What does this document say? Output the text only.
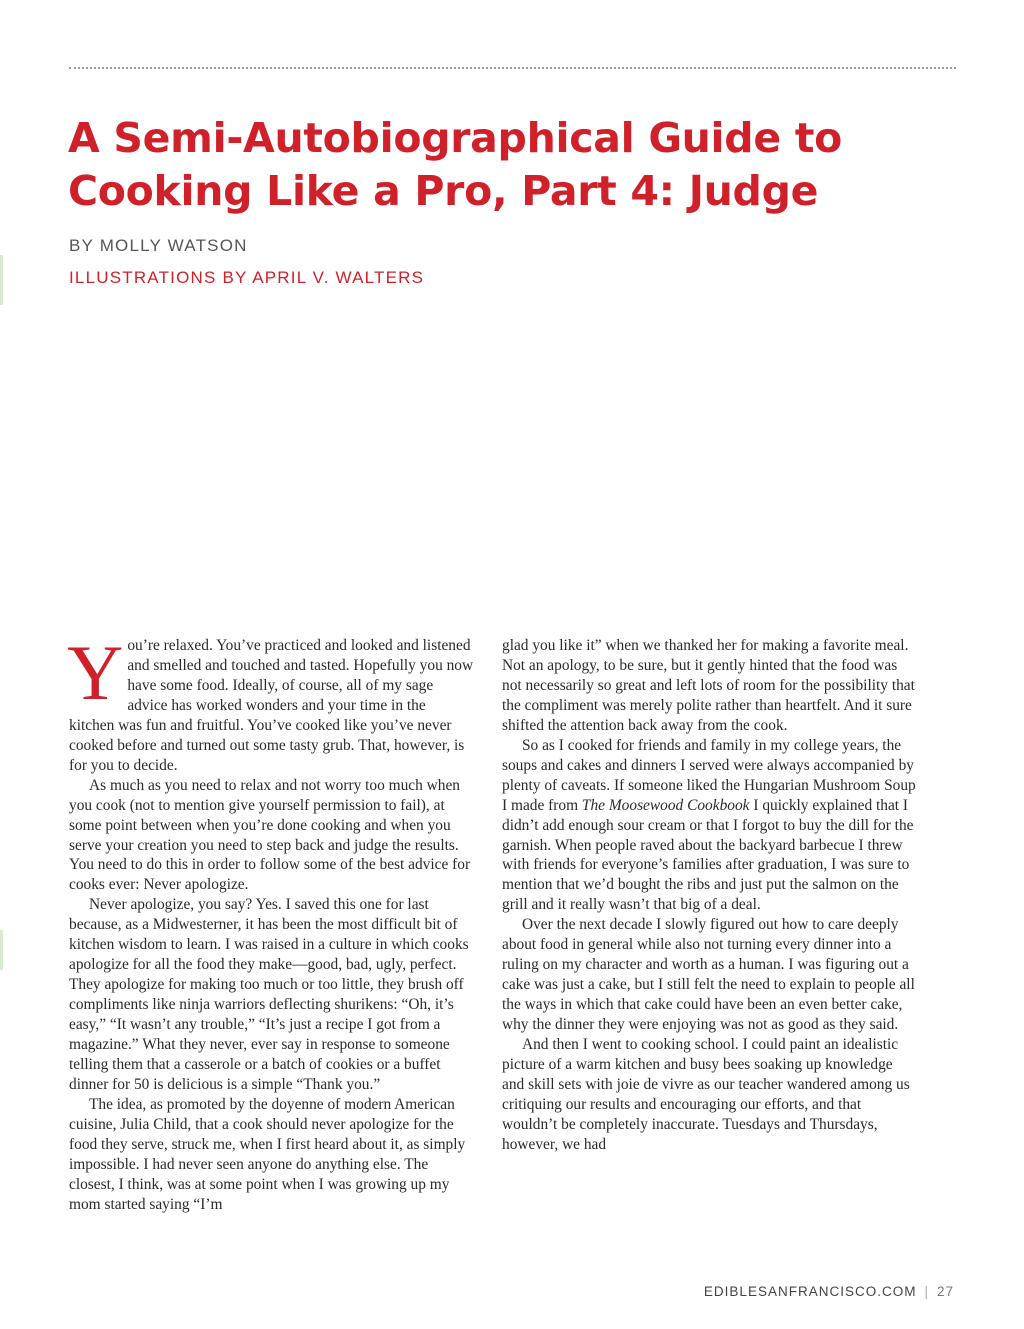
A Semi-Autobiographical Guide to Cooking Like a Pro, Part 4: Judge
BY MOLLY WATSON
ILLUSTRATIONS BY APRIL V. WALTERS

You’re relaxed. You’ve practiced and looked and listened and smelled and touched and tasted. Hopefully you now have some food. Ideally, of course, all of my sage advice has worked wonders and your time in the kitchen was fun and fruitful. You’ve cooked like you’ve never cooked before and turned out some tasty grub. That, however, is for you to decide.

As much as you need to relax and not worry too much when you cook (not to mention give yourself permission to fail), at some point between when you’re done cooking and when you serve your creation you need to step back and judge the results. You need to do this in order to follow some of the best advice for cooks ever: Never apologize.

Never apologize, you say? Yes. I saved this one for last because, as a Midwesterner, it has been the most difficult bit of kitchen wisdom to learn. I was raised in a culture in which cooks apologize for all the food they make—good, bad, ugly, perfect. They apologize for making too much or too little, they brush off compliments like ninja warriors deflecting shurikens: “Oh, it’s easy,” “It wasn’t any trouble,” “It’s just a recipe I got from a magazine.” What they never, ever say in response to someone telling them that a casserole or a batch of cookies or a buffet dinner for 50 is delicious is a simple “Thank you.”

The idea, as promoted by the doyenne of modern American cuisine, Julia Child, that a cook should never apologize for the food they serve, struck me, when I first heard about it, as simply impossible. I had never seen anyone do anything else. The closest, I think, was at some point when I was growing up my mom started saying “I’m

glad you like it” when we thanked her for making a favorite meal. Not an apology, to be sure, but it gently hinted that the food was not necessarily so great and left lots of room for the possibility that the compliment was merely polite rather than heartfelt. And it sure shifted the attention back away from the cook.

So as I cooked for friends and family in my college years, the soups and cakes and dinners I served were always accompanied by plenty of caveats. If someone liked the Hungarian Mushroom Soup I made from The Moosewood Cookbook I quickly explained that I didn’t add enough sour cream or that I forgot to buy the dill for the garnish. When people raved about the backyard barbecue I threw with friends for everyone’s families after graduation, I was sure to mention that we’d bought the ribs and just put the salmon on the grill and it really wasn’t that big of a deal.

Over the next decade I slowly figured out how to care deeply about food in general while also not turning every dinner into a ruling on my character and worth as a human. I was figuring out a cake was just a cake, but I still felt the need to explain to people all the ways in which that cake could have been an even better cake, why the dinner they were enjoying was not as good as they said.

And then I went to cooking school. I could paint an idealistic picture of a warm kitchen and busy bees soaking up knowledge and skill sets with joie de vivre as our teacher wandered among us critiquing our results and encouraging our efforts, and that wouldn’t be completely inaccurate. Tuesdays and Thursdays, however, we had

EDIBLESANFRANCISCO.COM | 27
